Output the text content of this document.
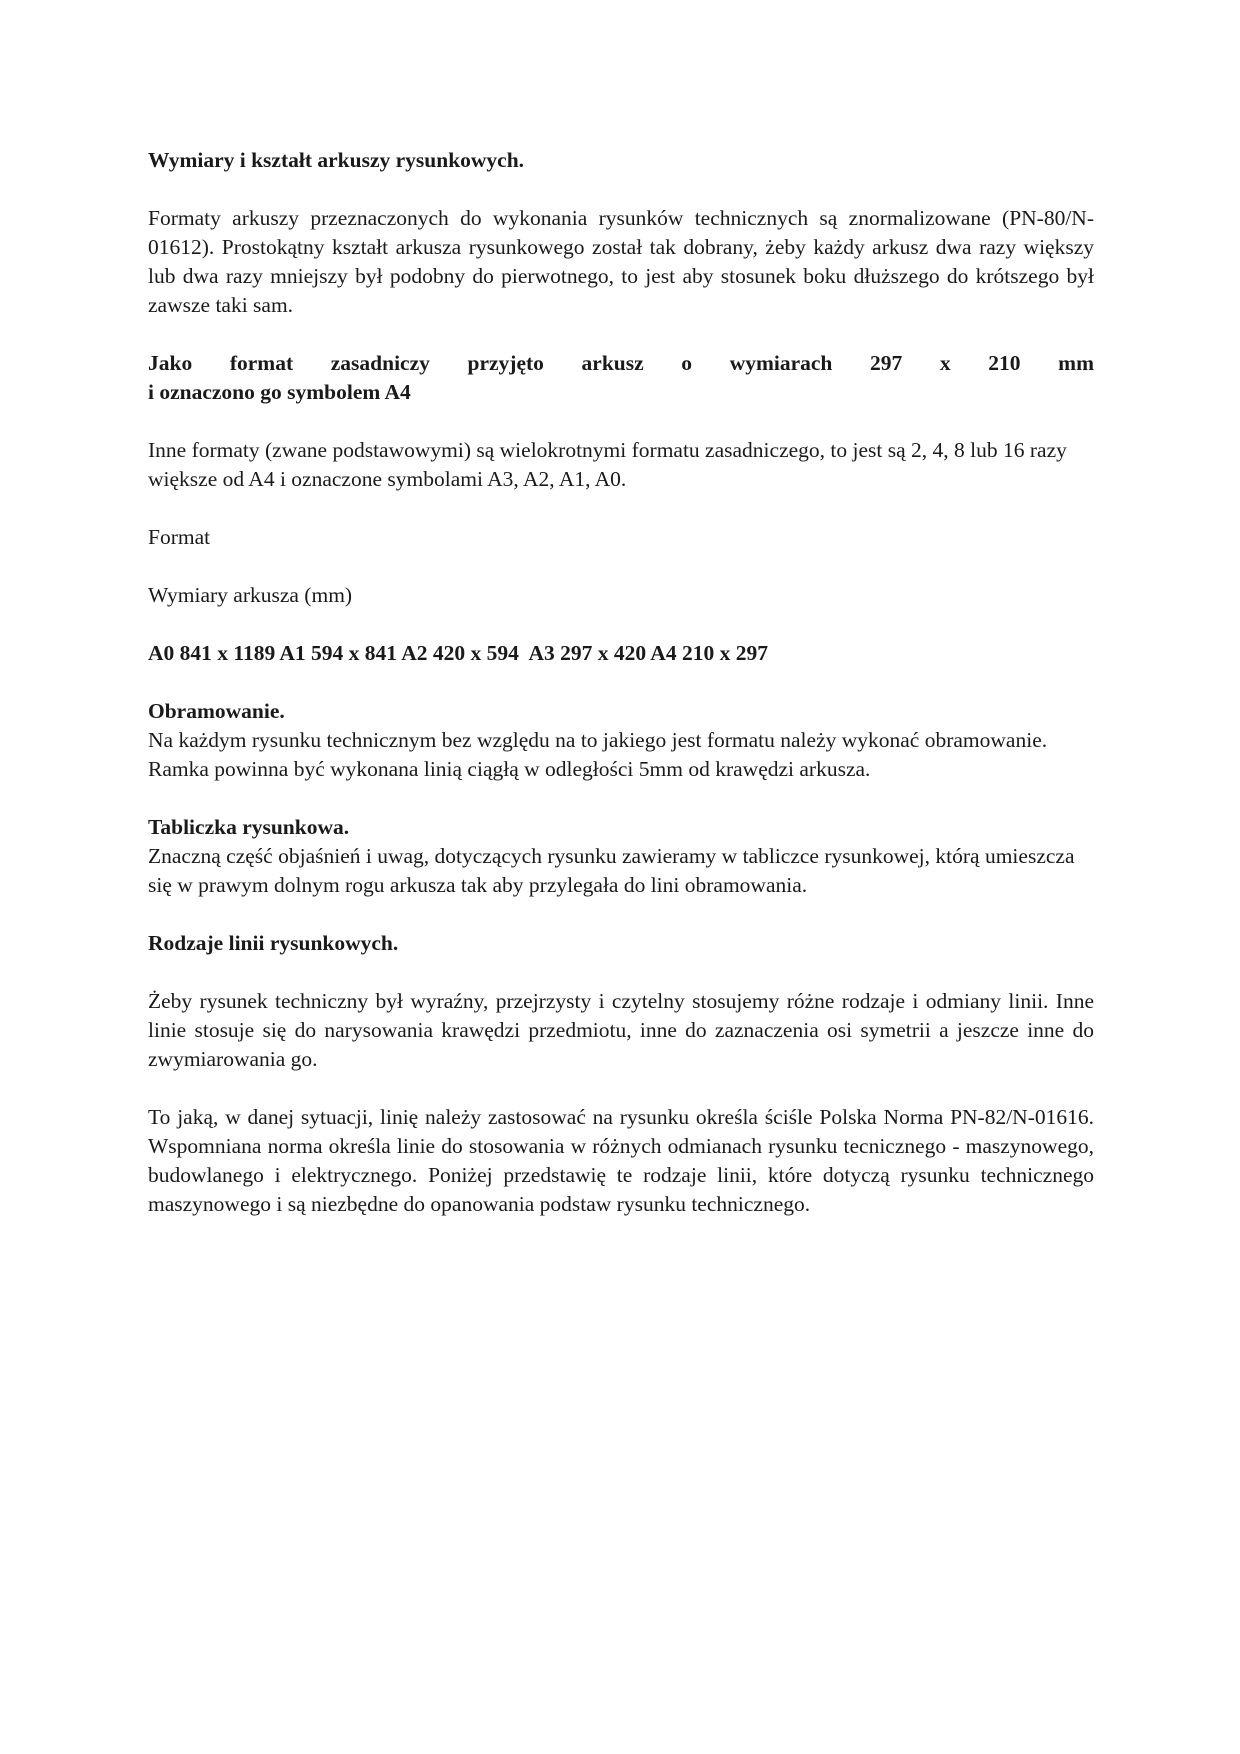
Wymiary i kształt arkuszy rysunkowych.

Formaty arkuszy przeznaczonych do wykonania rysunków technicznych są znormalizowane (PN-80/N-01612). Prostokątny kształt arkusza rysunkowego został tak dobrany, żeby każdy arkusz dwa razy większy lub dwa razy mniejszy był podobny do pierwotnego, to jest aby stosunek boku dłuższego do krótszego był zawsze taki sam.

Jako format zasadniczy przyjęto arkusz o wymiarach 297 x 210 mm

i oznaczono go symbolem A4

Inne formaty (zwane podstawowymi) są wielokrotnymi formatu zasadniczego, to jest są 2, 4, 8 lub 16 razy większe od A4 i oznaczone symbolami A3, A2, A1, A0.

Format

Wymiary arkusza (mm)

A0 841 x 1189 A1 594 x 841 A2 420 x 594  A3 297 x 420 A4 210 x 297

Obramowanie.

Na każdym rysunku technicznym bez względu na to jakiego jest formatu należy wykonać obramowanie. Ramka powinna być wykonana linią ciągłą w odległości 5mm od krawędzi arkusza.

Tabliczka rysunkowa.

Znaczną część objaśnień i uwag, dotyczących rysunku zawieramy w tabliczce rysunkowej, którą umieszcza się w prawym dolnym rogu arkusza tak aby przylegała do lini obramowania.

Rodzaje linii rysunkowych.

Żeby rysunek techniczny był wyraźny, przejrzysty i czytelny stosujemy różne rodzaje i odmiany linii. Inne linie stosuje się do narysowania krawędzi przedmiotu, inne do zaznaczenia osi symetrii a jeszcze inne do zwymiarowania go.

To jaką, w danej sytuacji, linię należy zastosować na rysunku określa ściśle Polska Norma PN-82/N-01616. Wspomniana norma określa linie do stosowania w różnych odmianach rysunku tecnicznego - maszynowego, budowlanego i elektrycznego. Poniżej przedstawię te rodzaje linii, które dotyczą rysunku technicznego maszynowego i są niezbędne do opanowania podstaw rysunku technicznego.
